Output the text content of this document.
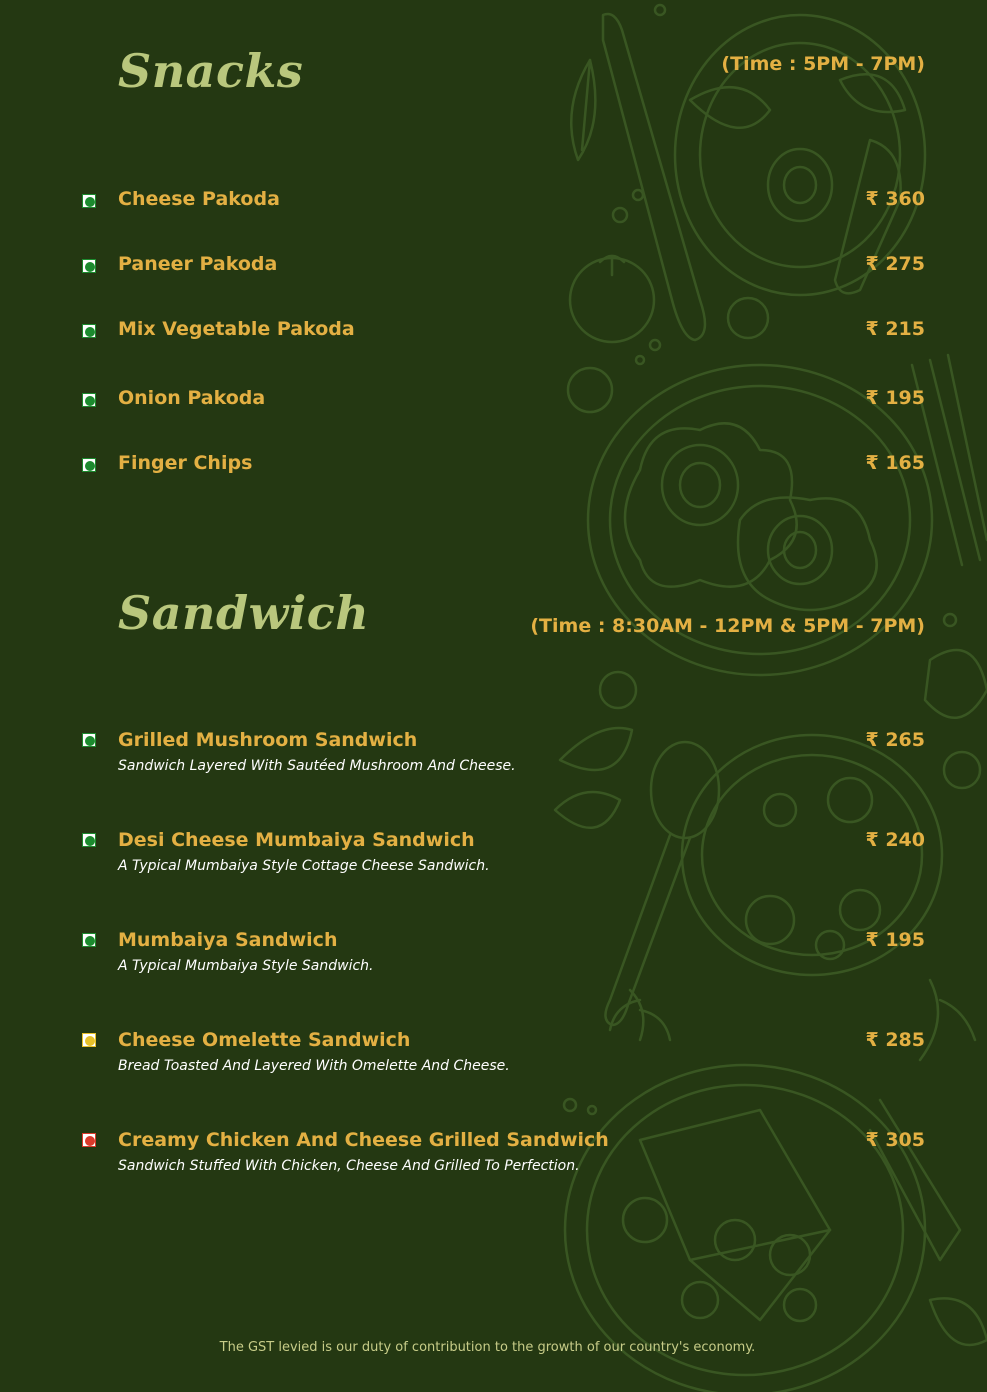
Snacks	(Time : 5PM - 7PM)

Cheese Pakoda	₹ 360

Paneer Pakoda	₹ 275

Mix Vegetable Pakoda	₹ 215

Onion Pakoda	₹ 195

Finger Chips	₹ 165

Sandwich	(Time : 8:30AM - 12PM & 5PM - 7PM)

Grilled Mushroom Sandwich

Sandwich Layered With Sautéed Mushroom And Cheese.

₹ 265

Desi Cheese Mumbaiya Sandwich

A Typical Mumbaiya Style Cottage Cheese Sandwich.

₹ 240

Mumbaiya Sandwich

A Typical Mumbaiya Style Sandwich.

₹ 195

Cheese Omelette Sandwich

Bread Toasted And Layered With Omelette And Cheese.

₹ 285

Creamy Chicken And Cheese Grilled Sandwich

Sandwich Stuffed With Chicken, Cheese And Grilled To Perfection.

₹ 305

The GST levied is our duty of contribution to the growth of our country's economy.
